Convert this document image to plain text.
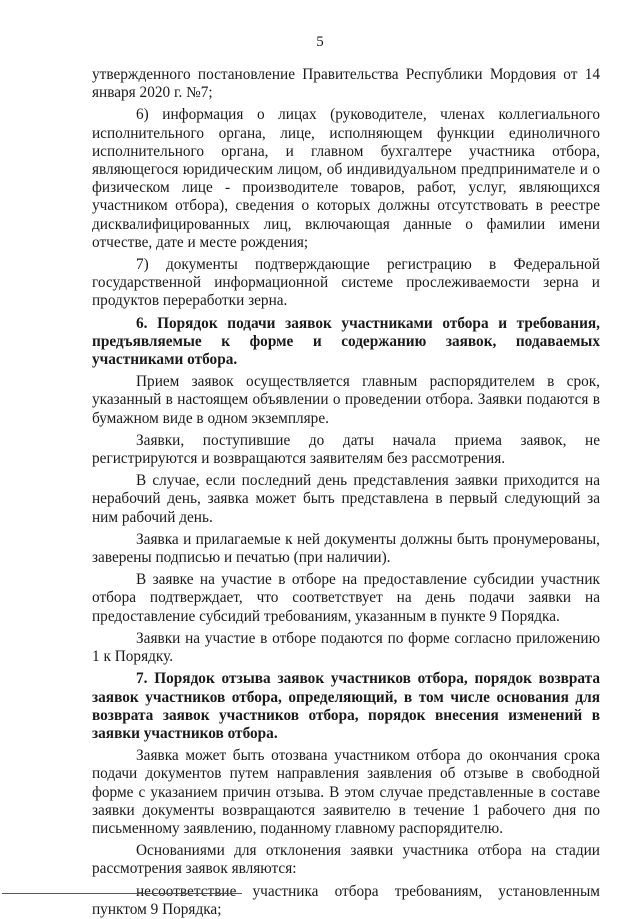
5

утвержденного постановление Правительства Республики Мордовия от 14 января 2020 г. №7;

6) информация о лицах (руководителе, членах коллегиального исполнительного органа, лице, исполняющем функции единоличного исполнительного органа, и главном бухгалтере участника отбора, являющегося юридическим лицом, об индивидуальном предпринимателе и о физическом лице - производителе товаров, работ, услуг, являющихся участником отбора), сведения о которых должны отсутствовать в реестре дисквалифицированных лиц, включающая данные о фамилии имени отчестве, дате и месте рождения;

7) документы подтверждающие регистрацию в Федеральной государственной информационной системе прослеживаемости зерна и продуктов переработки зерна.

6. Порядок подачи заявок участниками отбора и требования, предъявляемые к форме и содержанию заявок, подаваемых участниками отбора.

Прием заявок осуществляется главным распорядителем в срок, указанный в настоящем объявлении о проведении отбора. Заявки подаются в бумажном виде в одном экземпляре.

Заявки, поступившие до даты начала приема заявок, не регистрируются и возвращаются заявителям без рассмотрения.

В случае, если последний день представления заявки приходится на нерабочий день, заявка может быть представлена в первый следующий за ним рабочий день.

Заявка и прилагаемые к ней документы должны быть пронумерованы, заверены подписью и печатью (при наличии).

В заявке на участие в отборе на предоставление субсидии участник отбора подтверждает, что соответствует на день подачи заявки на предоставление субсидий требованиям, указанным в пункте 9 Порядка.

Заявки на участие в отборе подаются по форме согласно приложению 1 к Порядку.

7. Порядок отзыва заявок участников отбора, порядок возврата заявок участников отбора, определяющий, в том числе основания для возврата заявок участников отбора, порядок внесения изменений в заявки участников отбора.

Заявка может быть отозвана участником отбора до окончания срока подачи документов путем направления заявления об отзыве в свободной форме с указанием причин отзыва. В этом случае представленные в составе заявки документы возвращаются заявителю в течение 1 рабочего дня по письменному заявлению, поданному главному распорядителю.

Основаниями для отклонения заявки участника отбора на стадии рассмотрения заявок являются:

несоответствие участника отбора требованиям, установленным пунктом 9 Порядка;
